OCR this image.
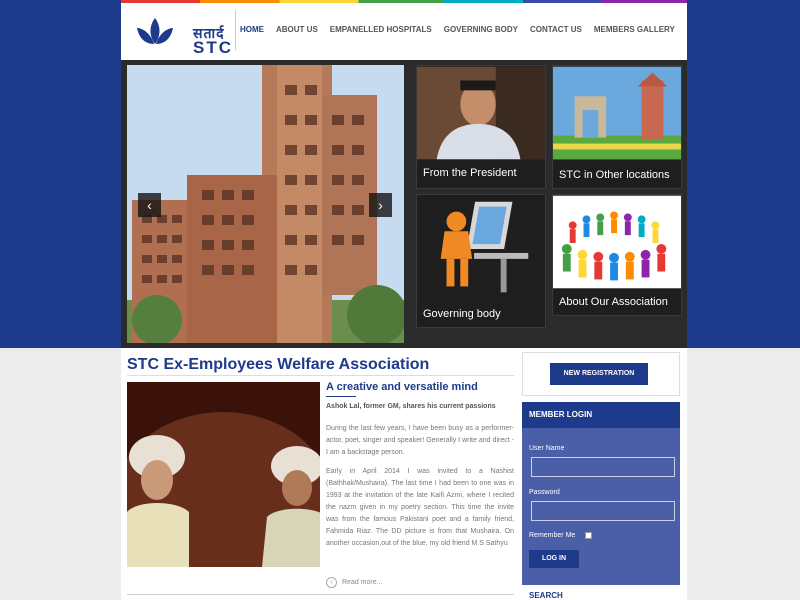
सतार्द
STC
HOME ABOUT US EMPANELLED HOSPITALS GOVERNING BODY CONTACT US MEMBERS GALLERY
‹	›
From the President	STC in Other locations
Governing body
About Our Association
STC Ex-Employees Welfare Association
A creative and versatile mind
Ashok Lal, former GM, shares his current passions

During the last few years, I have been busy as a performer-actor, poet, singer and speaker! Generally I write and direct - I am a backstage person.

Early in April 2014 I was invited to a Nashist (Bathhak/Mushaira). The last time I had been to one was in 1993 at the invitation of the late Kaifi Azmi, where I recited the nazm given in my poetry section. This time the invite was from the famous Pakistani poet and a family friend, Fahmida Riaz. The DD picture is from that Mushaira. On another occasion,out of the blue, my old friend M S Sathyu

›	Read more...
NEW REGISTRATION
MEMBER LOGIN
User Name
Password
Remember Me
LOG IN
SEARCH
